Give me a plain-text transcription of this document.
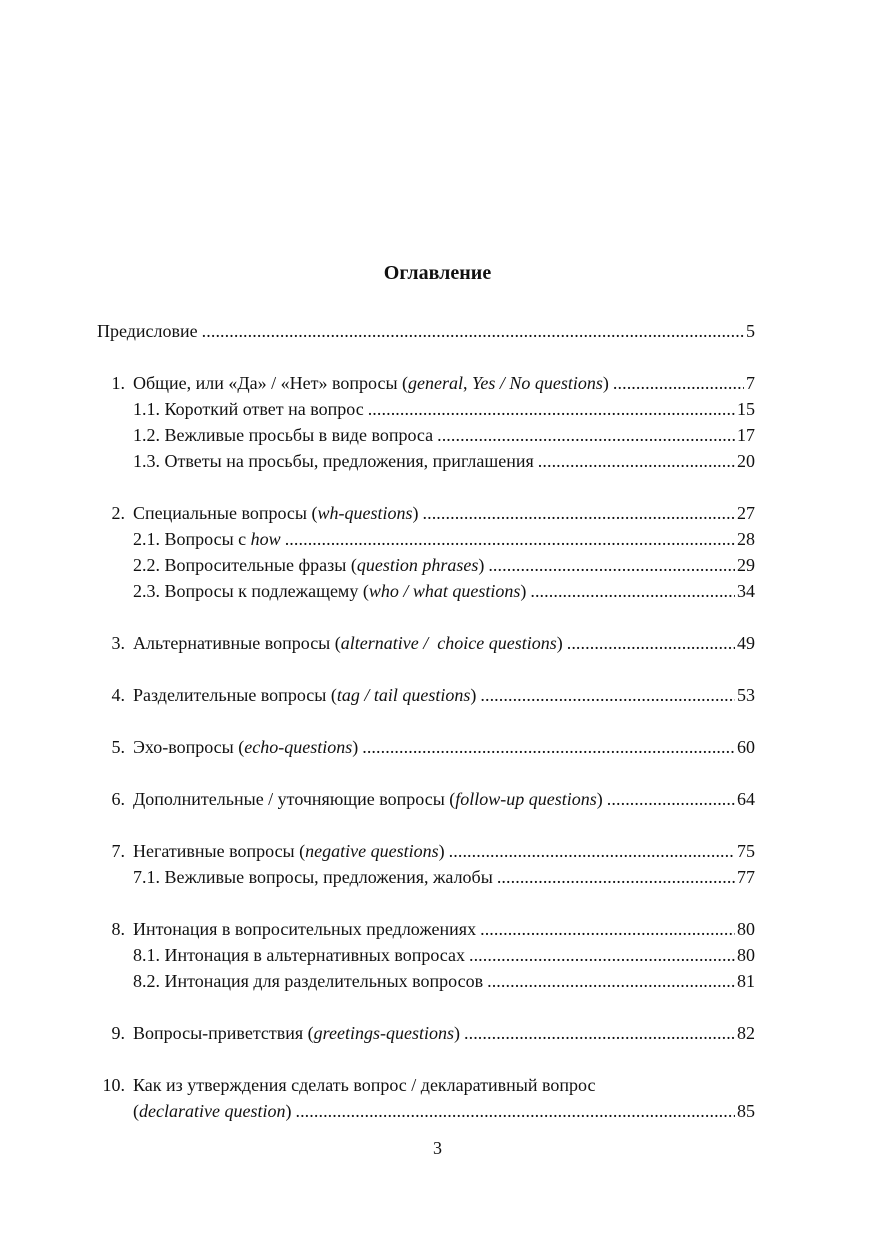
Оглавление
Предисловие . . .	5
1. Общие, или «Да» / «Нет» вопросы (general, Yes / No questions) . . .	7
1.1. Короткий ответ на вопрос . . .	15
1.2. Вежливые просьбы в виде вопроса . . .	17
1.3. Ответы на просьбы, предложения, приглашения . . .	20
2. Специальные вопросы (wh-questions) . . .	27
2.1. Вопросы с how . . .	28
2.2. Вопросительные фразы (question phrases) . . .	29
2.3. Вопросы к подлежащему (who / what questions) . . .	34
3. Альтернативные вопросы (alternative /  choice questions) . . .	49
4. Разделительные вопросы (tag / tail questions) . . .	53
5. Эхо-вопросы (echo-questions) . . .	60
6. Дополнительные / уточняющие вопросы (follow-up questions) . . .	64
7. Негативные вопросы (negative questions) . . .	75
7.1. Вежливые вопросы, предложения, жалобы . . .	77
8. Интонация в вопросительных предложениях . . .	80
8.1. Интонация в альтернативных вопросах . . .	80
8.2. Интонация для разделительных вопросов . . .	81
9. Вопросы-приветствия (greetings-questions) . . .	82
10. Как из утверждения сделать вопрос / декларативный вопрос
(declarative question) . . .	85
3
